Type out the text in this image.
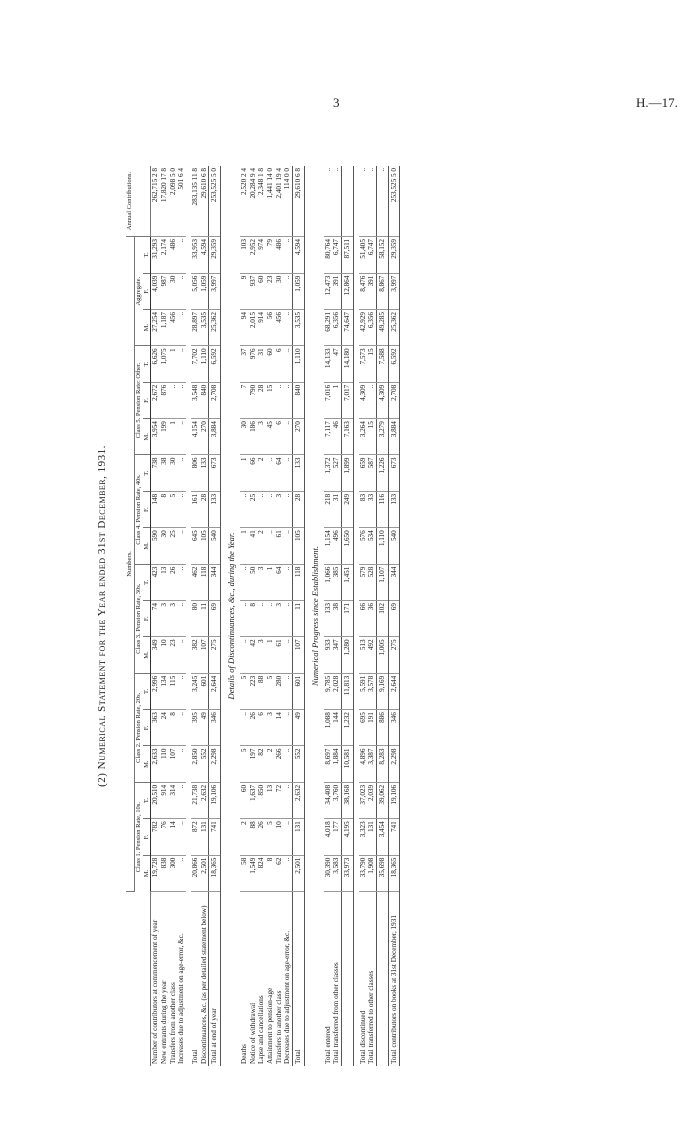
3	H.—17.
(2) Numerical Statement for the Year ended 31st December, 1931.
		Numbers.																		Annual Contributions.
	Class 1. Pension Rate, 10s.			Class 2. Pension Rate, 20s.			Class 3. Pension Rate, 30s.			Class 4. Pension Rate, 40s.			Class 5. Pension Rate: Other.			Aggregate.			
	M.	F.	T.	M.	F.	T.	M.	F.	T.	M.	F.	T.	M.	F.	T.	M.	F.	T.	
Number of contributors at commencement of year	19,728	782	20,510	2,633	363	2,996	349	74	423	590	148	738	3,954	2,672	6,626	27,254	4,039	31,293	262,715 2 8
New entrants during the year	838	76	914	110	24	134	10	3	13	30	8	38	199	876	1,075	1,187	987	2,174	17,820 17 8
Transfers from another class	300	14	314	107	8	115	23	3	26	25	5	30	1	..	1	456	30	486	2,098 5 0
Increases due to adjustment on age-error, &c.	..	..	..	..	..	..	..	..	..	..	..	..	..	..	..	..	..	..	501 6 4

Total	20,866	872	21,738	2,850	395	3,245	382	80	462	645	161	806	4,154	3,548	7,702	28,897	5,056	33,953	283,135 11 8
Discontinuances, &c. (as per detailed statement below)	2,501	131	2,632	552	49	601	107	11	118	105	28	133	270	840	1,110	3,535	1,059	4,594	29,610 6 8
Total at end of year	18,365	741	19,106	2,298	346	2,644	275	69	344	540	133	673	3,884	2,708	6,592	25,362	3,997	29,359	253,525 5 0
Details of Discontinuances, &c., during the Year.																			
Deaths	58	2	60	5	..	5	..	..	..	1	..	1	30	7	37	94	9	103	2,520 2 4
Notice of withdrawal	1,549	88	1,637	197	26	223	42	8	50	41	25	66	186	790	976	2,015	937	2,952	20,284 9 4
Lapse and cancellations	824	26	850	82	6	88	3	..	3	2	..	2	3	28	31	914	60	974	2,348 1 8
Attainment to pension-age	8	5	13	2	3	5	1	..	1	..	..	..	45	15	60	56	23	79	1,441 14 0
Transfers to another class	62	10	72	266	14	280	61	3	64	61	3	64	6	..	6	456	30	486	2,401 19 4
Decreases due to adjustment on age-error, &c.	..	..	..	..	..	..	..	..	..	..	..	..	..	..	..	..	..	..	114 0 0
Total	2,501	131	2,632	552	49	601	107	11	118	105	28	133	270	840	1,110	3,535	1,059	4,594	29,610 6 8
Numerical Progress since Establishment.																			
Total entered	30,390	4,018	34,408	8,697	1,088	9,785	933	133	1,066	1,154	218	1,372	7,117	7,016	14,133	68,291	12,473	80,764	..
Total transferred from other classes	3,583	177	3,760	1,884	144	2,028	347	38	385	496	31	527	46	1	47	6,356	391	6,747	..
	33,973	4,195	38,168	10,581	1,232	11,813	1,280	171	1,451	1,650	249	1,899	7,163	7,017	14,180	74,647	12,864	87,511	

Total discontinued	33,790	3,323	37,023	4,896	695	5,591	513	66	579	576	83	659	3,264	4,309	7,573	42,929	8,476	51,405	..
Total transferred to other classes	1,908	131	2,039	3,387	191	3,578	492	36	528	534	33	587	15	..	15	6,356	391	6,747	..
	35,698	3,454	39,062	8,283	886	9,169	1,005	102	1,107	1,110	116	1,226	3,279	4,309	7,588	49,285	8,867	58,152	..
Total contributors on books at 31st December, 1931	18,365	741	19,106	2,298	346	2,644	275	69	344	540	133	673	3,884	2,708	6,592	25,362	3,997	29,359	253,525 5 0
